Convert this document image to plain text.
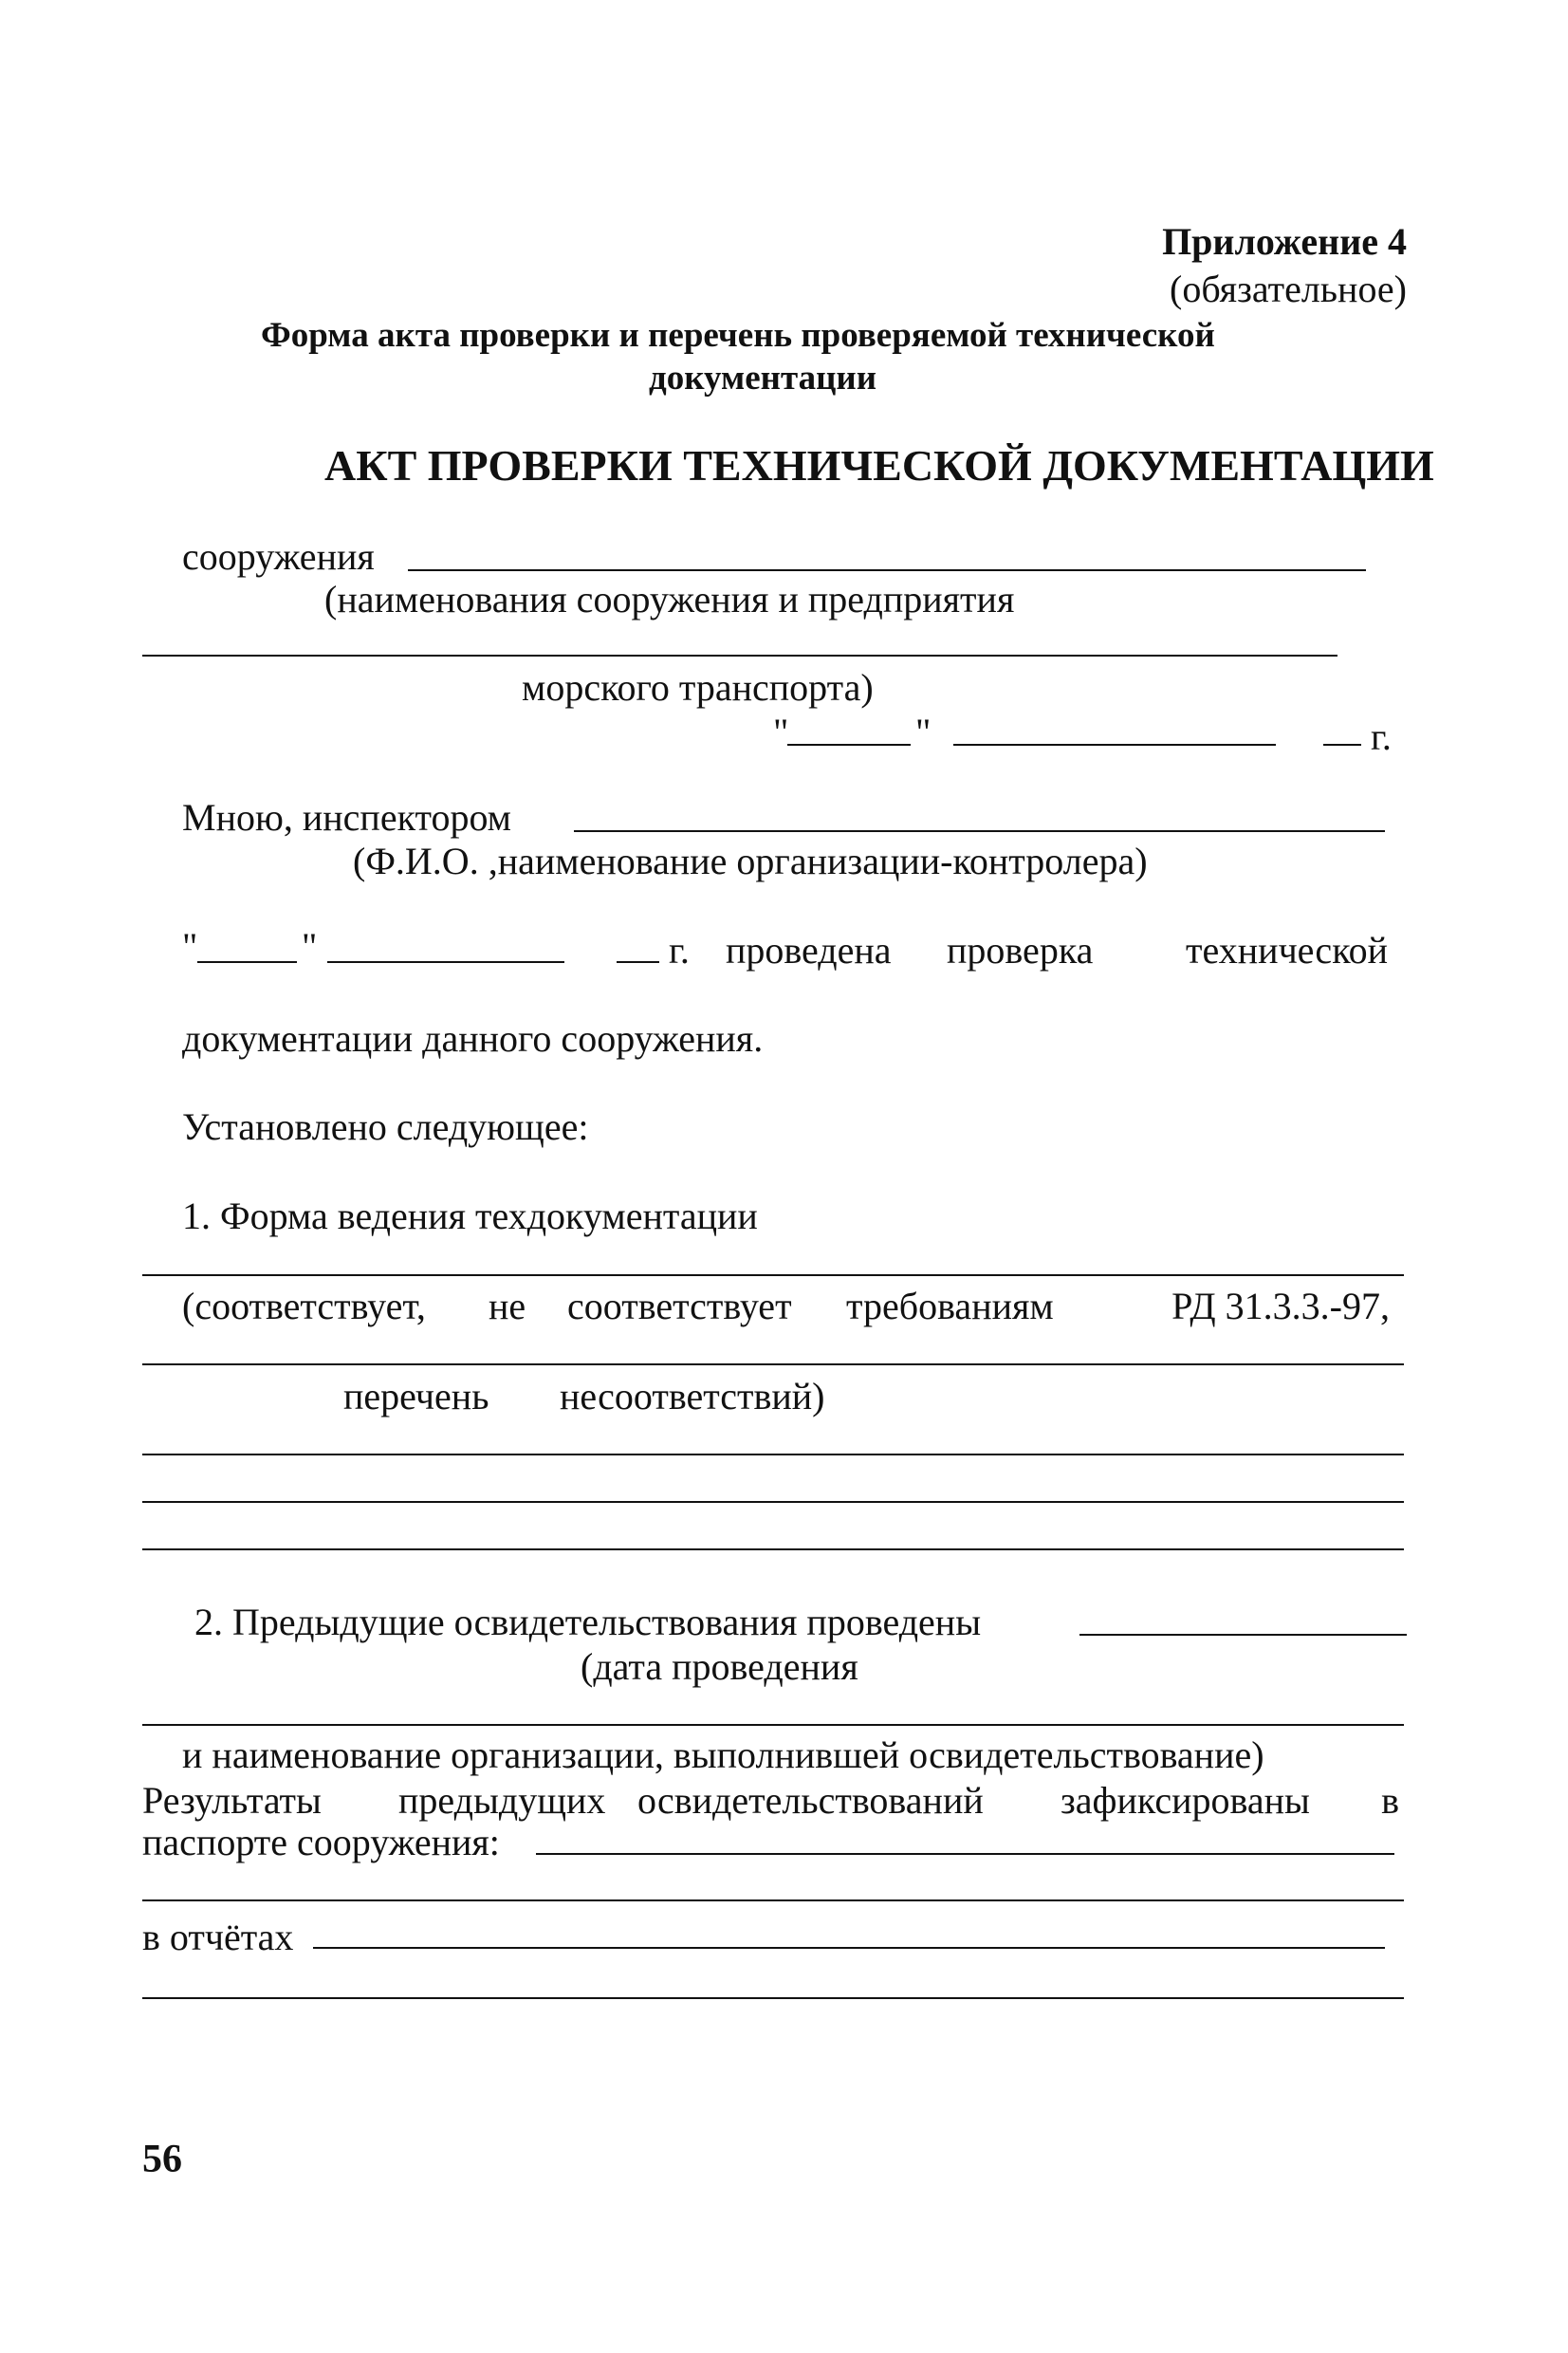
Приложение 4
(обязательное)
Форма акта проверки и перечень проверяемой технической
документации
АКТ ПРОВЕРКИ ТЕХНИЧЕСКОЙ ДОКУМЕНТАЦИИ
сооружения
(наименования сооружения и предприятия
морского транспорта)
"	"	г.
Мною, инспектором
(Ф.И.О. ,наименование организации-контролера)
"	"	г. проведена проверка технической
документации данного сооружения.
Установлено следующее:
1. Форма ведения техдокументации
(соответствует, не соответствует требованиям	РД 31.3.3.-97,
перечень несоответствий)
2. Предыдущие освидетельствования проведены
(дата проведения
и наименование организации, выполнившей освидетельствование)
Результаты предыдущих освидетельствований зафиксированы в
паспорте сооружения:
в отчётах
56
